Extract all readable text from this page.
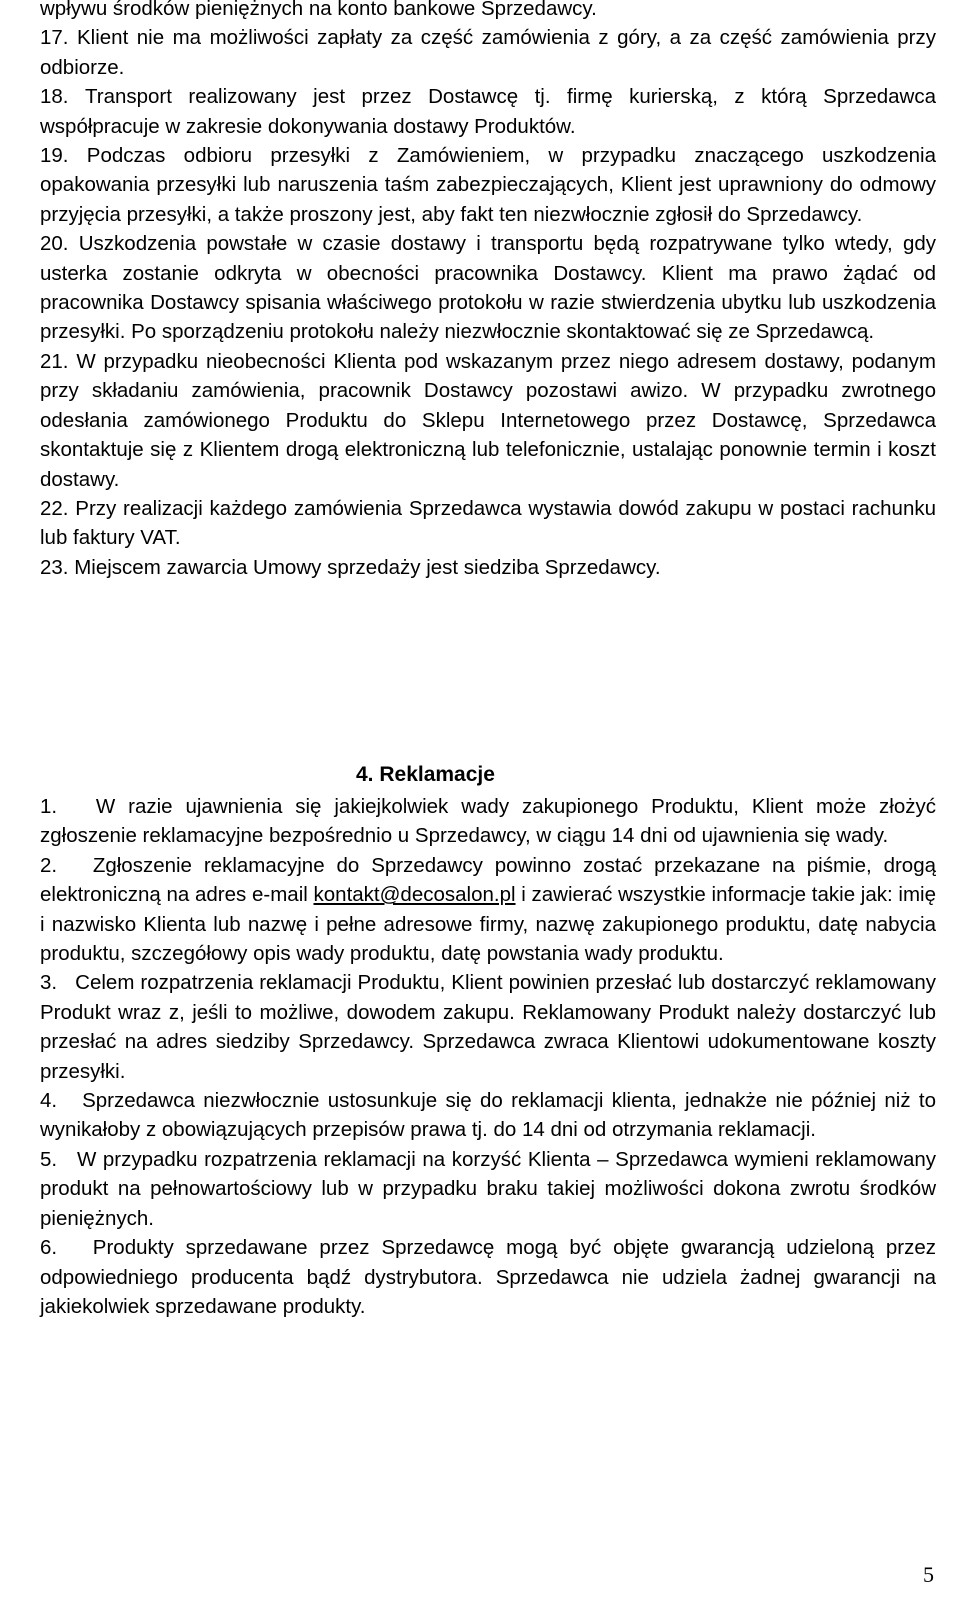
wpływu środków pieniężnych na konto bankowe Sprzedawcy.

17. Klient nie ma możliwości zapłaty za część zamówienia z góry, a za część zamówienia przy odbiorze.

18. Transport realizowany jest przez Dostawcę tj. firmę kurierską, z którą Sprzedawca współpracuje w zakresie dokonywania dostawy Produktów.

19. Podczas odbioru przesyłki z Zamówieniem, w przypadku znaczącego uszkodzenia opakowania przesyłki lub naruszenia taśm zabezpieczających, Klient jest uprawniony do odmowy przyjęcia przesyłki, a także proszony jest, aby fakt ten niezwłocznie zgłosił do Sprzedawcy.

20. Uszkodzenia powstałe w czasie dostawy i transportu będą rozpatrywane tylko wtedy, gdy usterka zostanie odkryta w obecności pracownika Dostawcy. Klient ma prawo żądać od pracownika Dostawcy spisania właściwego protokołu w razie stwierdzenia ubytku lub uszkodzenia przesyłki. Po sporządzeniu protokołu należy niezwłocznie skontaktować się ze Sprzedawcą.

21. W przypadku nieobecności Klienta pod wskazanym przez niego adresem dostawy, podanym przy składaniu zamówienia, pracownik Dostawcy pozostawi awizo. W przypadku zwrotnego odesłania zamówionego Produktu do Sklepu Internetowego przez Dostawcę, Sprzedawca skontaktuje się z Klientem drogą elektroniczną lub telefonicznie, ustalając ponownie termin i koszt dostawy.

22. Przy realizacji każdego zamówienia Sprzedawca wystawia dowód zakupu w postaci rachunku lub faktury VAT.

23. Miejscem zawarcia Umowy sprzedaży jest siedziba Sprzedawcy.

4. Reklamacje

1. W razie ujawnienia się jakiejkolwiek wady zakupionego Produktu, Klient może złożyć zgłoszenie reklamacyjne bezpośrednio u Sprzedawcy, w ciągu 14 dni od ujawnienia się wady.

2. Zgłoszenie reklamacyjne do Sprzedawcy powinno zostać przekazane na piśmie, drogą elektroniczną na adres e-mail kontakt@decosalon.pl i zawierać wszystkie informacje takie jak: imię i nazwisko Klienta lub nazwę i pełne adresowe firmy, nazwę zakupionego produktu, datę nabycia produktu, szczegółowy opis wady produktu, datę powstania wady produktu.

3. Celem rozpatrzenia reklamacji Produktu, Klient powinien przesłać lub dostarczyć reklamowany Produkt wraz z, jeśli to możliwe, dowodem zakupu. Reklamowany Produkt należy dostarczyć lub przesłać na adres siedziby Sprzedawcy. Sprzedawca zwraca Klientowi udokumentowane koszty przesyłki.

4. Sprzedawca niezwłocznie ustosunkuje się do reklamacji klienta, jednakże nie później niż to wynikałoby z obowiązujących przepisów prawa tj. do 14 dni od otrzymania reklamacji.

5. W przypadku rozpatrzenia reklamacji na korzyść Klienta – Sprzedawca wymieni reklamowany produkt na pełnowartościowy lub w przypadku braku takiej możliwości dokona zwrotu środków pieniężnych.

6. Produkty sprzedawane przez Sprzedawcę mogą być objęte gwarancją udzieloną przez odpowiedniego producenta bądź dystrybutora. Sprzedawca nie udziela żadnej gwarancji na jakiekolwiek sprzedawane produkty.

5
